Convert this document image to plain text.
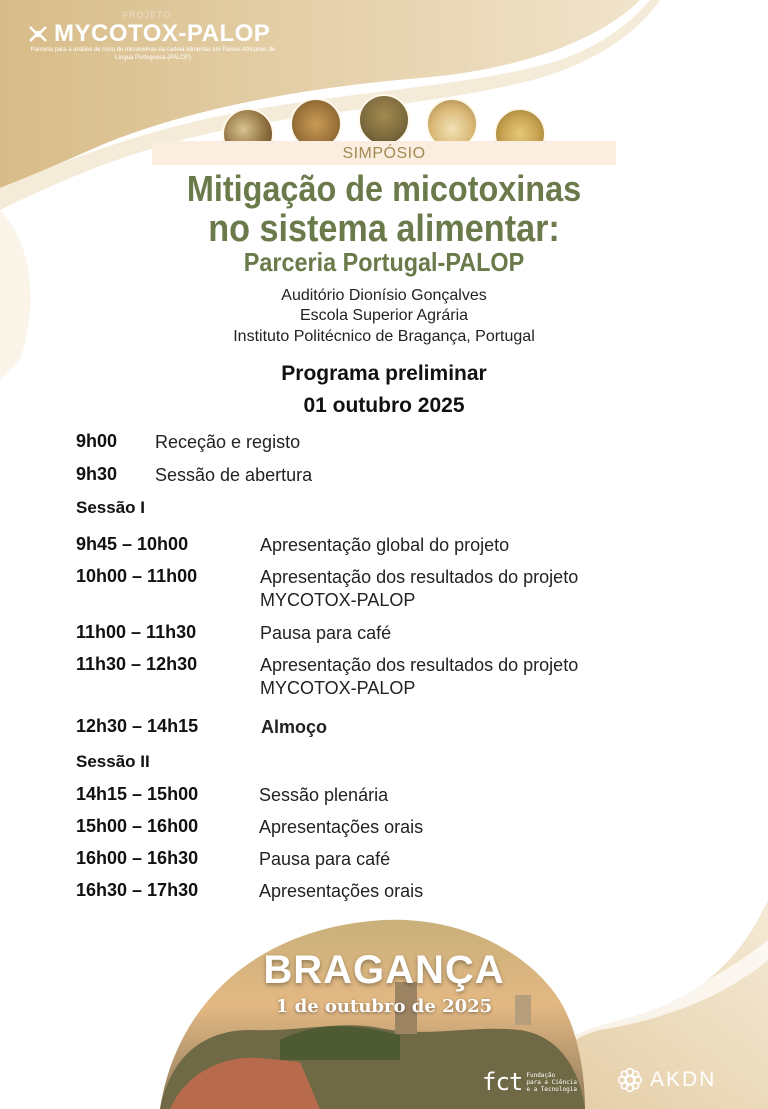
PROJETO
MYCOTOX-PALOP
Parceria para a análise de risco de micotoxinas na cadeia alimentar em Países Africanos de Língua Portuguesa (PALOP)
SIMPÓSIO
Mitigação de micotoxinas
no sistema alimentar:
Parceria Portugal-PALOP
Auditório Dionísio Gonçalves
Escola Superior Agrária
Instituto Politécnico de Bragança, Portugal
Programa preliminar
01 outubro 2025
9h00 Receção e registo
9h30 Sessão de abertura
Sessão I
9h45 – 10h00	Apresentação global do projeto
10h00 – 11h00	Apresentação dos resultados do projeto
MYCOTOX-PALOP
11h00 – 11h30	Pausa para café
11h30 – 12h30	Apresentação dos resultados do projeto
MYCOTOX-PALOP
12h30 – 14h15	Almoço
Sessão II
14h15 – 15h00	Sessão plenária
15h00 – 16h00	Apresentações orais
16h00 – 16h30	Pausa para café
16h30 – 17h30	Apresentações orais
BRAGANÇA
1 de outubro de 2025
fct Fundação
para a Ciência
e a Tecnologia	AKDN
